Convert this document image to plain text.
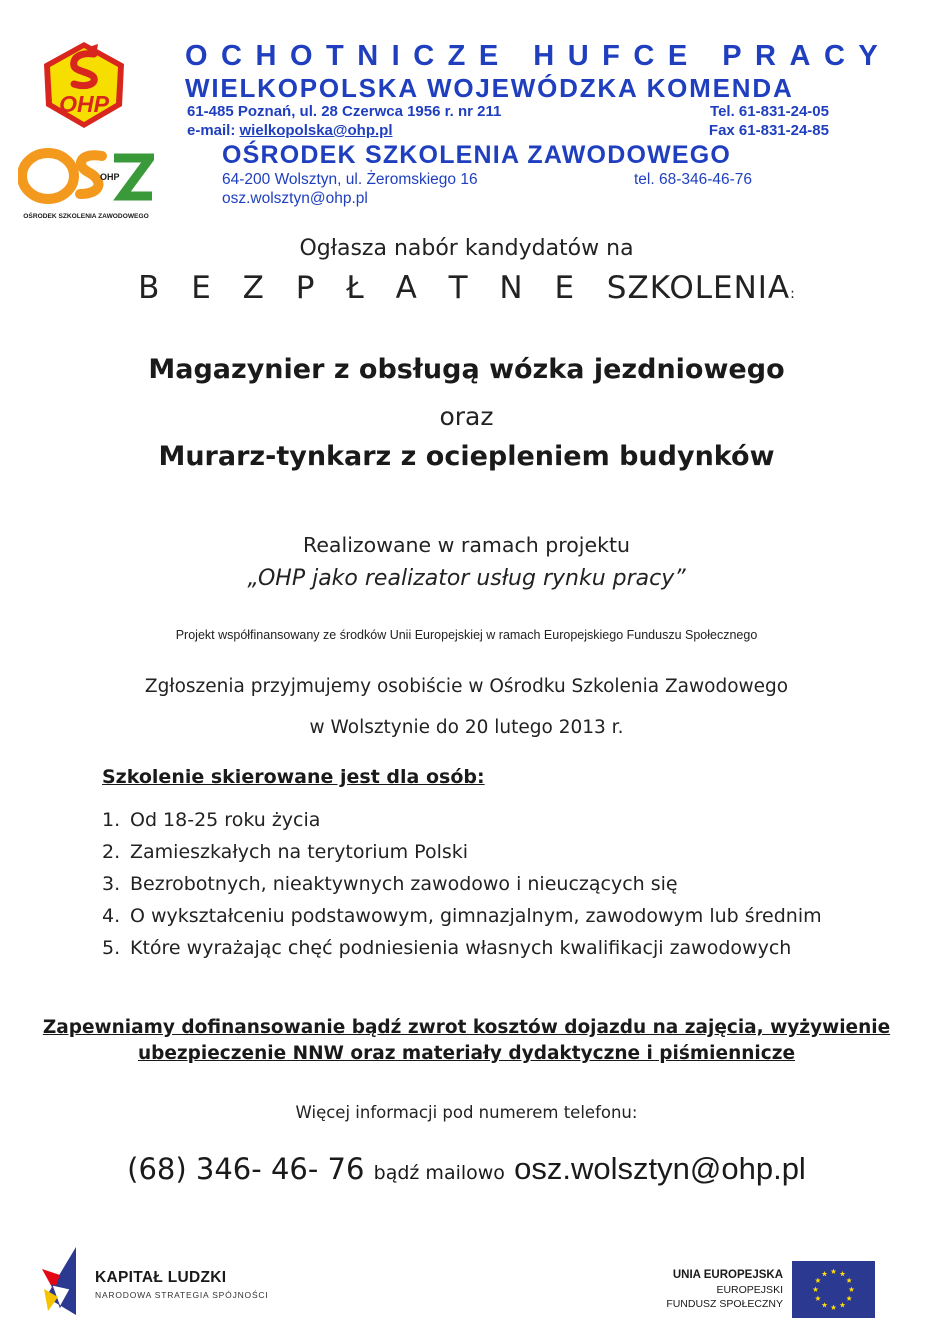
OHP
OHP
OŚRODEK SZKOLENIA ZAWODOWEGO
OCHOTNICZE HUFCE PRACY
WIELKOPOLSKA WOJEWÓDZKA KOMENDA
61-485 Poznań, ul. 28 Czerwca 1956 r. nr 211	Tel. 61-831-24-05
e-mail: wielkopolska@ohp.pl	Fax 61-831-24-85
OŚRODEK SZKOLENIA ZAWODOWEGO
64-200 Wolsztyn, ul. Żeromskiego 16	tel. 68-346-46-76
osz.wolsztyn@ohp.pl
Ogłasza nabór kandydatów na
B E Z P Ł A T N E SZKOLENIA:
Magazynier z obsługą wózka jezdniowego
oraz
Murarz-tynkarz z ociepleniem budynków
Realizowane w ramach projektu
„OHP jako realizator usług rynku pracy”
Projekt współfinansowany ze środków Unii Europejskiej w ramach Europejskiego Funduszu Społecznego
Zgłoszenia przyjmujemy osobiście w Ośrodku Szkolenia Zawodowego
w Wolsztynie do 20 lutego 2013 r.
Szkolenie skierowane jest dla osób:
1. Od 18-25 roku życia
2. Zamieszkałych na terytorium Polski
3. Bezrobotnych, nieaktywnych zawodowo i nieuczących się
4. O wykształceniu podstawowym, gimnazjalnym, zawodowym lub średnim
5. Które wyrażając chęć podniesienia własnych kwalifikacji zawodowych
Zapewniamy dofinansowanie bądź zwrot kosztów dojazdu na zajęcia, wyżywienie
ubezpieczenie NNW oraz materiały dydaktyczne i piśmiennicze
Więcej informacji pod numerem telefonu:
(68) 346- 46- 76 bądź mailowo osz.wolsztyn@ohp.pl
KAPITAŁ LUDZKI
NARODOWA STRATEGIA SPÓJNOŚCI
UNIA EUROPEJSKA
EUROPEJSKI
FUNDUSZ SPOŁECZNY
